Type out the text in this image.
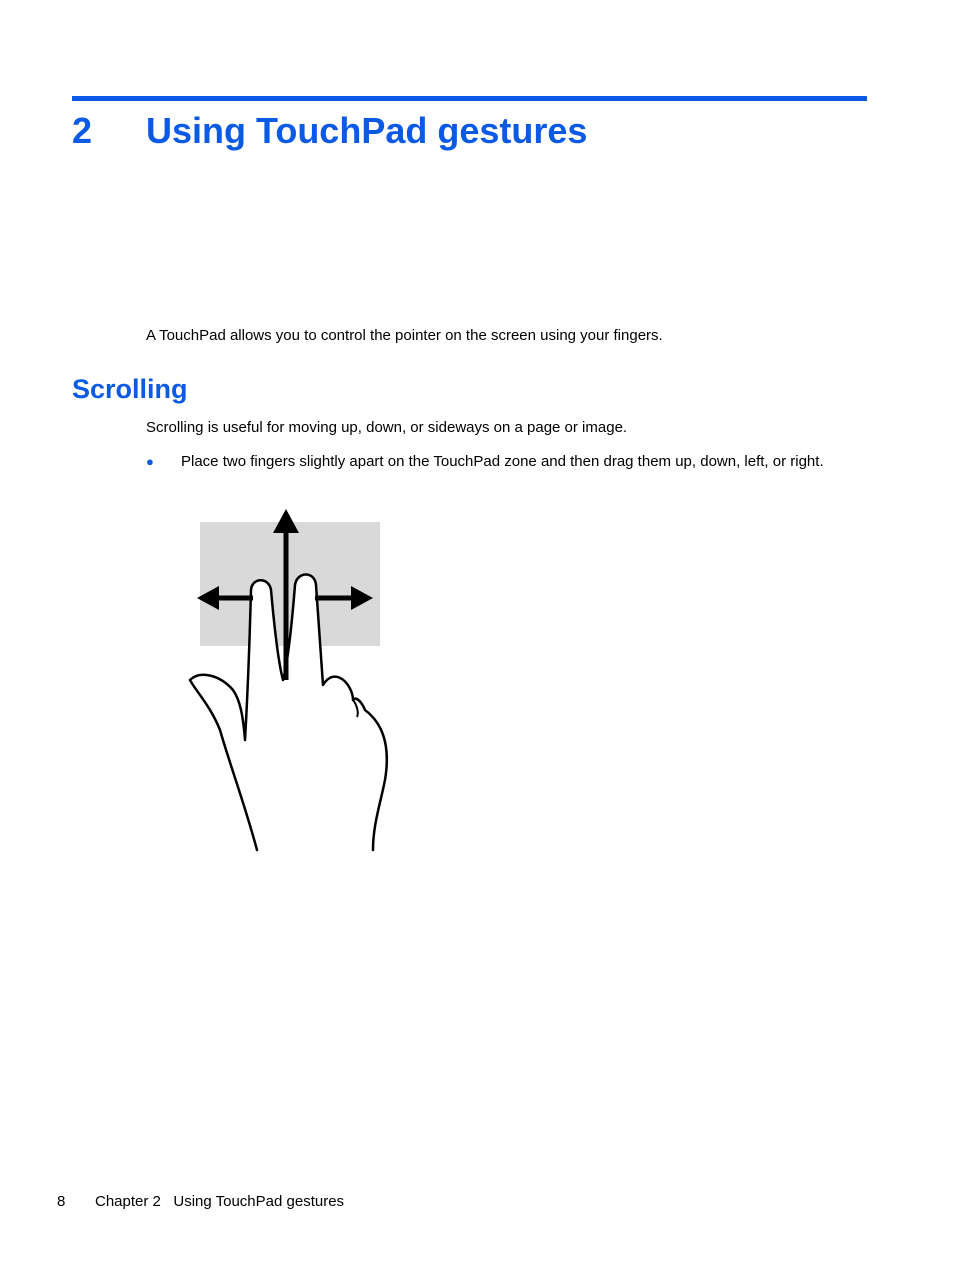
2 Using TouchPad gestures
A TouchPad allows you to control the pointer on the screen using your fingers.
Scrolling
Scrolling is useful for moving up, down, or sideways on a page or image.
● Place two fingers slightly apart on the TouchPad zone and then drag them up, down, left, or right.
8 Chapter 2   Using TouchPad gestures
